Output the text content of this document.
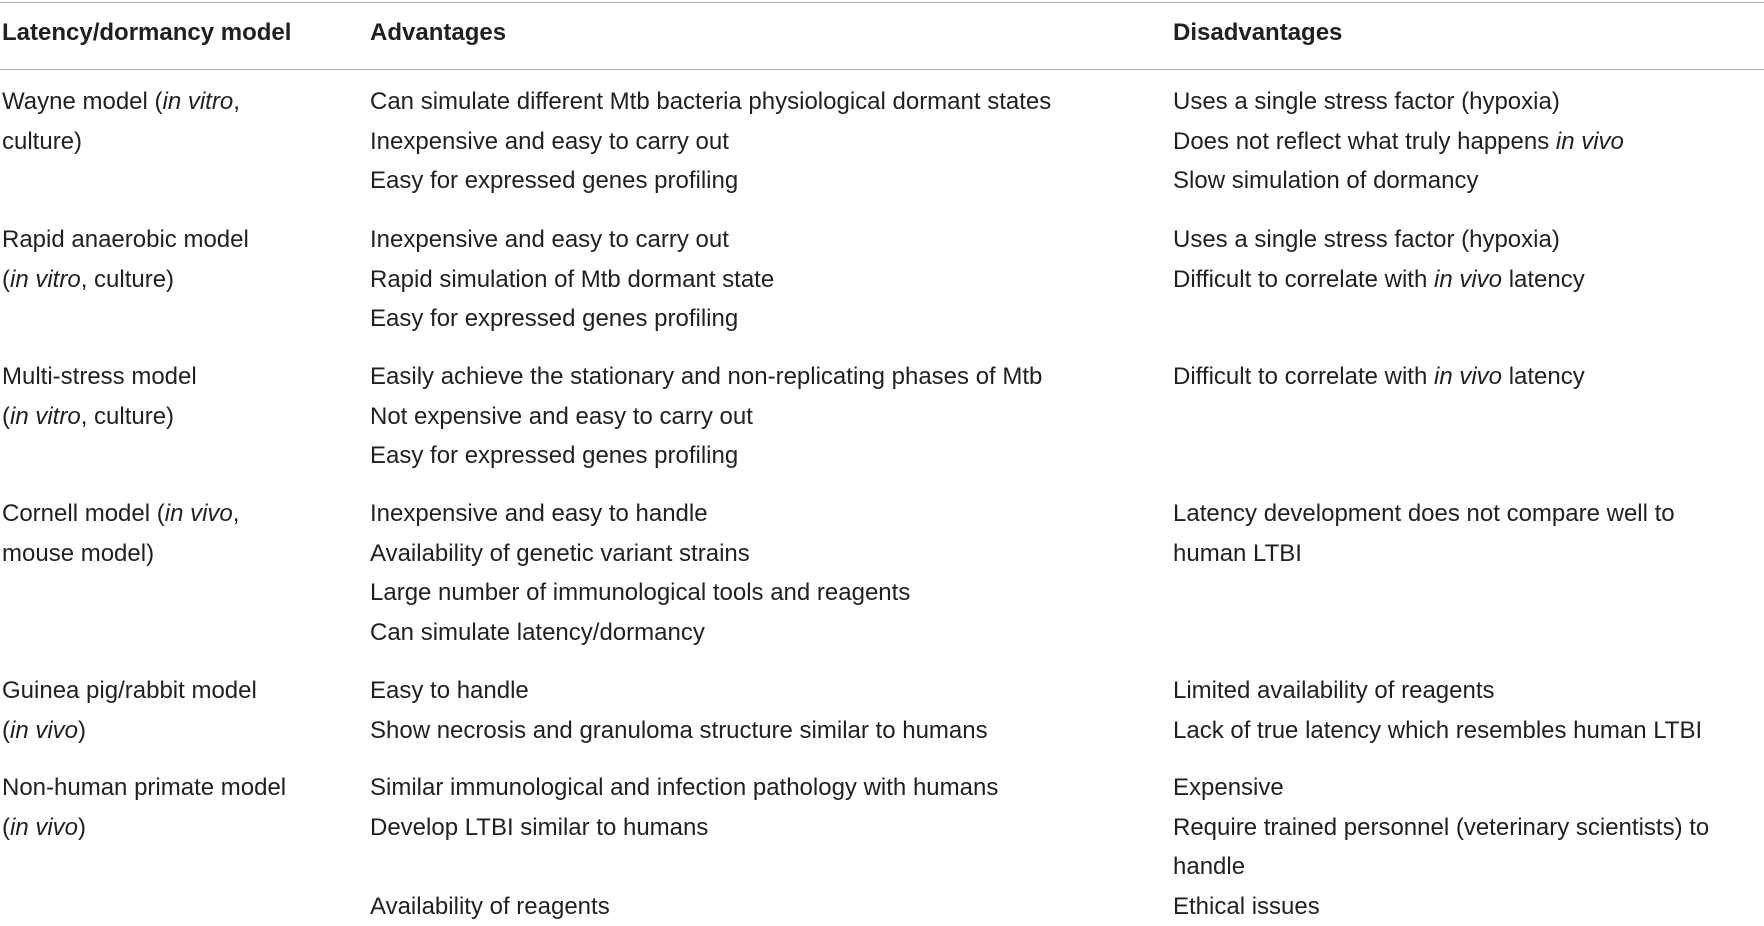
Latency/dormancy model	Advantages	Disadvantages
Wayne model (in vitro,
culture)
Can simulate different Mtb bacteria physiological dormant states
Inexpensive and easy to carry out
Easy for expressed genes profiling
Uses a single stress factor (hypoxia)
Does not reflect what truly happens in vivo
Slow simulation of dormancy
Rapid anaerobic model
(in vitro, culture)
Inexpensive and easy to carry out
Rapid simulation of Mtb dormant state
Easy for expressed genes profiling
Uses a single stress factor (hypoxia)
Difficult to correlate with in vivo latency
Multi-stress model
(in vitro, culture)
Easily achieve the stationary and non-replicating phases of Mtb
Not expensive and easy to carry out
Easy for expressed genes profiling
Difficult to correlate with in vivo latency
Cornell model (in vivo,
mouse model)
Inexpensive and easy to handle
Availability of genetic variant strains
Large number of immunological tools and reagents
Can simulate latency/dormancy
Latency development does not compare well to
human LTBI
Guinea pig/rabbit model
(in vivo)
Easy to handle
Show necrosis and granuloma structure similar to humans
Limited availability of reagents
Lack of true latency which resembles human LTBI
Non-human primate model
(in vivo)
Similar immunological and infection pathology with humans
Develop LTBI similar to humans

Availability of reagents
Expensive
Require trained personnel (veterinary scientists) to
handle
Ethical issues
